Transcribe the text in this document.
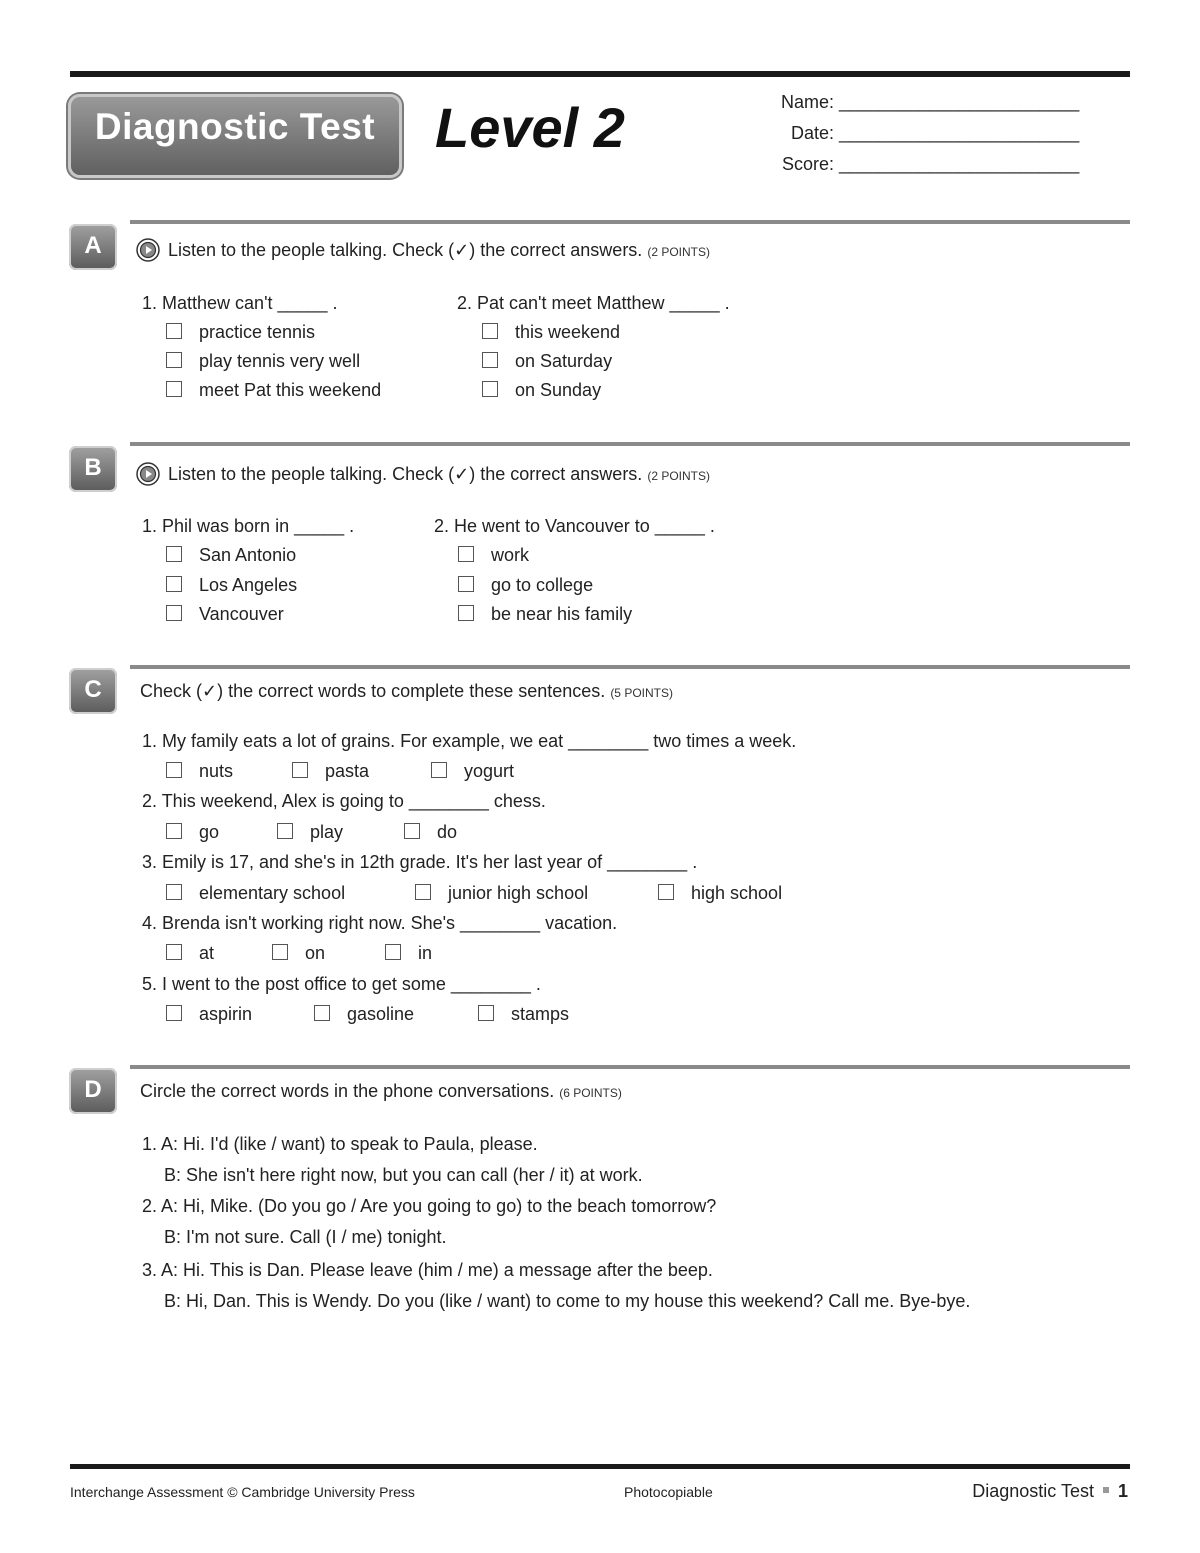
Diagnostic Test	Level 2	Name: ________________________
Date: ________________________
Score: ________________________
A	Listen to the people talking. Check (✓) the correct answers. (2 POINTS)
1. Matthew can't _____ .
practice tennis
play tennis very well
meet Pat this weekend
2. Pat can't meet Matthew _____ .
this weekend
on Saturday
on Sunday
B	Listen to the people talking. Check (✓) the correct answers. (2 POINTS)
1. Phil was born in _____ .
San Antonio
Los Angeles
Vancouver
2. He went to Vancouver to _____ .
work
go to college
be near his family
C	Check (✓) the correct words to complete these sentences. (5 POINTS)
1. My family eats a lot of grains. For example, we eat ________ two times a week.
nuts	pasta	yogurt
2. This weekend, Alex is going to ________ chess.
go	play	do
3. Emily is 17, and she's in 12th grade. It's her last year of ________ .
elementary school	junior high school	high school
4. Brenda isn't working right now. She's ________ vacation.
at	on	in
5. I went to the post office to get some ________ .
aspirin	gasoline	stamps
D	Circle the correct words in the phone conversations. (6 POINTS)
1. A: Hi. I'd (like / want) to speak to Paula, please.
B: She isn't here right now, but you can call (her / it) at work.
2. A: Hi, Mike. (Do you go / Are you going to go) to the beach tomorrow?
B: I'm not sure. Call (I / me) tonight.
3. A: Hi. This is Dan. Please leave (him / me) a message after the beep.
B: Hi, Dan. This is Wendy. Do you (like / want) to come to my house this weekend? Call me. Bye-bye.
Interchange Assessment © Cambridge University Press	Photocopiable	Diagnostic Test 1
